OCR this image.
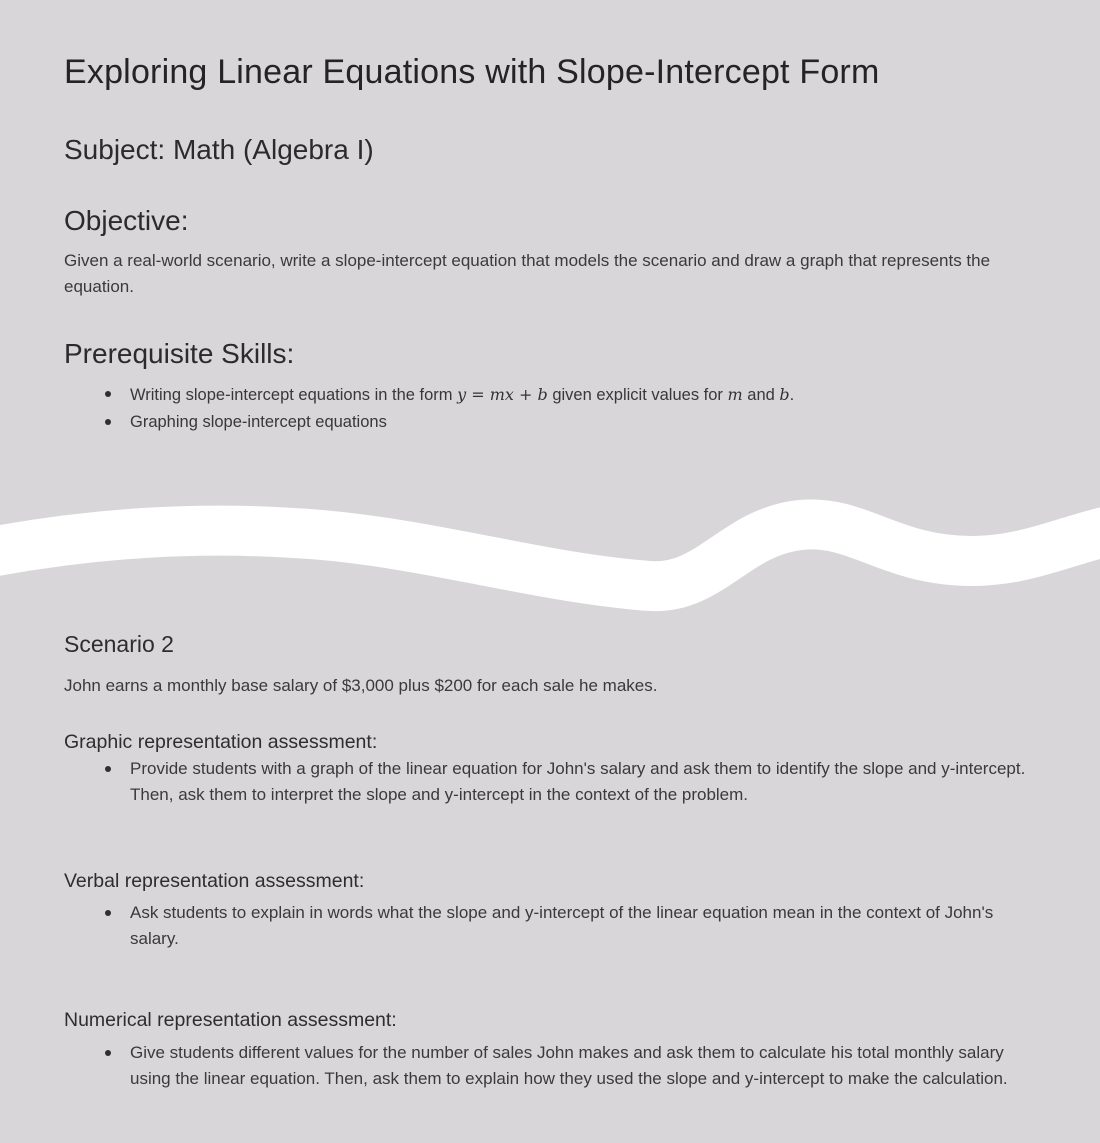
Exploring Linear Equations with Slope-Intercept Form
Subject: Math (Algebra I)
Objective:

Given a real-world scenario, write a slope-intercept equation that models the scenario and draw a graph that represents the equation.

Prerequisite Skills:
Writing slope-intercept equations in the form y = mx + b given explicit values for m and b.
Graphing slope-intercept equations
Scenario 2

John earns a monthly base salary of $3,000 plus $200 for each sale he makes.

Graphic representation assessment:
Provide students with a graph of the linear equation for John's salary and ask them to identify the slope and y-intercept. Then, ask them to interpret the slope and y-intercept in the context of the problem.
Verbal representation assessment:
Ask students to explain in words what the slope and y-intercept of the linear equation mean in the context of John's salary.
Numerical representation assessment:
Give students different values for the number of sales John makes and ask them to calculate his total monthly salary using the linear equation. Then, ask them to explain how they used the slope and y-intercept to make the calculation.
